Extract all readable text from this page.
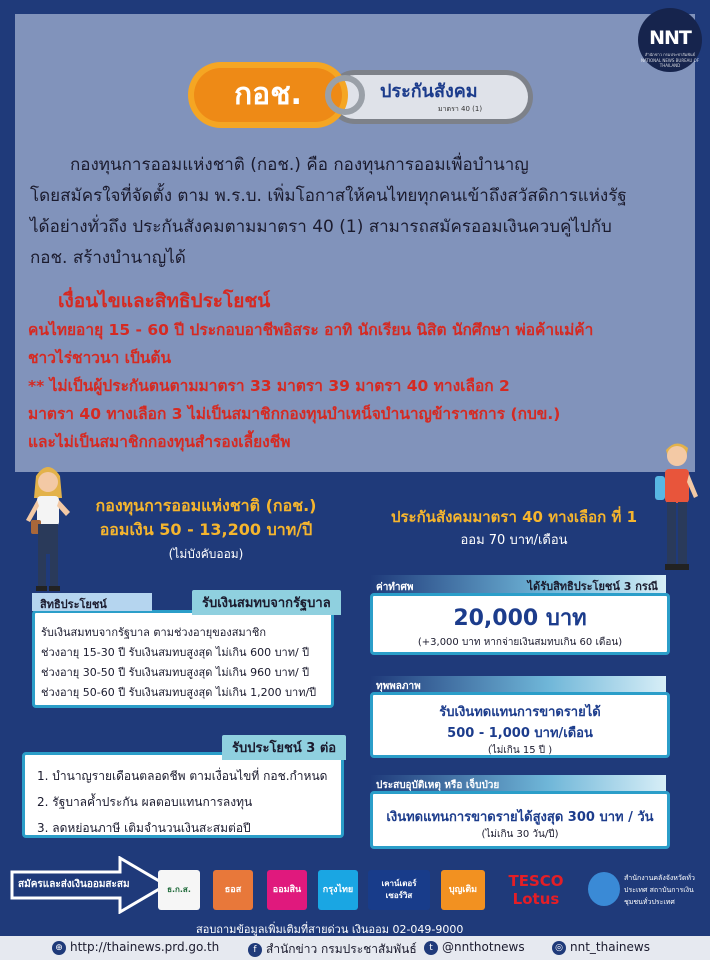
NNT
สำนักข่าว กรมประชาสัมพันธ์ NATIONAL NEWS BUREAU OF THAILAND
กอช.	ประกันสังคม
มาตรา 40 (1)
กองทุนการออมแห่งชาติ (กอช.) คือ กองทุนการออมเพื่อบำนาญ
โดยสมัครใจที่จัดตั้ง ตาม พ.ร.บ. เพิ่มโอกาสให้คนไทยทุกคนเข้าถึงสวัสดิการแห่งรัฐ
ได้อย่างทั่วถึง ประกันสังคมตามมาตรา 40 (1) สามารถสมัครออมเงินควบคู่ไปกับ
กอช. สร้างบำนาญได้
เงื่อนไขและสิทธิประโยชน์
คนไทยอายุ 15 - 60 ปี ประกอบอาชีพอิสระ อาทิ นักเรียน นิสิต นักศึกษา พ่อค้าแม่ค้า
ชาวไร่ชาวนา เป็นต้น
** ไม่เป็นผู้ประกันตนตามมาตรา 33 มาตรา 39 มาตรา 40 ทางเลือก 2
มาตรา 40 ทางเลือก 3 ไม่เป็นสมาชิกกองทุนบำเหน็จบำนาญข้าราชการ (กบข.)
และไม่เป็นสมาชิกกองทุนสำรองเลี้ยงชีพ
กองทุนการออมแห่งชาติ (กอช.)
ออมเงิน 50 - 13,200 บาท/ปี
(ไม่บังคับออม)
ประกันสังคมมาตรา 40 ทางเลือก ที่ 1
ออม 70 บาท/เดือน
รับเงินสมทบจากรัฐบาล ตามช่วงอายุของสมาชิก
ช่วงอายุ 15-30 ปี รับเงินสมทบสูงสุด ไม่เกิน 600 บาท/ ปี
ช่วงอายุ 30-50 ปี รับเงินสมทบสูงสุด ไม่เกิน 960 บาท/ ปี
ช่วงอายุ 50-60 ปี รับเงินสมทบสูงสุด ไม่เกิน 1,200 บาท/ปี
สิทธิประโยชน์	รับเงินสมทบจากรัฐบาล
1. บำนาญรายเดือนตลอดชีพ ตามเงื่อนไขที่ กอช.กำหนด
2. รัฐบาลค้ำประกัน ผลตอบแทนการลงทุน
3. ลดหย่อนภาษี เติมจำนวนเงินสะสมต่อปี
รับประโยชน์ 3 ต่อ
ได้รับสิทธิประโยชน์ 3 กรณี
ค่าทำศพ
20,000 บาท
(+3,000 บาท หากจ่ายเงินสมทบเกิน 60 เดือน)
ทุพพลภาพ
รับเงินทดแทนการขาดรายได้
500 - 1,000 บาท/เดือน
(ไม่เกิน 15 ปี )
ประสบอุบัติเหตุ หรือ เจ็บป่วย
เงินทดแทนการขาดรายได้สูงสุด 300 บาท / วัน
(ไม่เกิน 30 วัน/ปี)
สมัครและส่งเงินออมสะสม	ธ.ก.ส.	ธอส	ออมสิน	กรุงไทย
เคาน์เตอร์ เซอร์วิส
บุญเติม	TESCO Lotus
สำนักงานคลังจังหวัดทั่วประเทศ สถาบันการเงินชุมชนทั่วประเทศ
สอบถามข้อมูลเพิ่มเติมที่สายด่วน เงินออม 02-049-9000
⊕ http://thainews.prd.go.th	f สำนักข่าว กรมประชาสัมพันธ์	t @nnthotnews	◎ nnt_thainews
